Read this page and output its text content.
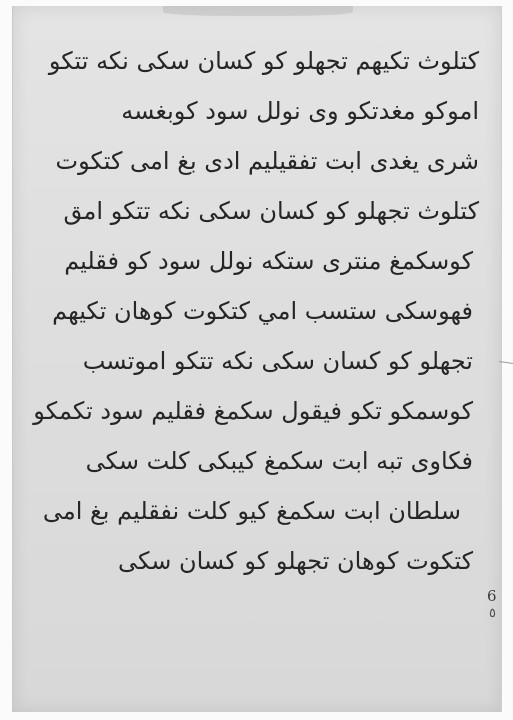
كتلوث تكيهم تجهلو كو كسان سكى نكه تتكو
اموكو مغدتكو وى نولل سود كوبغسه
شرى يغدى ابت تفقيليم ادى بغ امى كتكوت
كتلوث تجهلو كو كسان سكى نكه تتكو امق
كوسكمغ منترى ستكه نولل سود كو فقليم
فهوسكى ستسب امي كتكوت كوهان تكيهم
تجهلو كو كسان سكى نكه تتكو اموتسب
كوسمكو تكو فيقول سكمغ فقليم سود تكمكو
فكاوى تبه ابت سكمغ كيبكى كلت سكى
سلطان ابت سكمغ كيو كلت نفقليم بغ امى
كتكوت كوهان تجهلو كو كسان سكى
6
٥
